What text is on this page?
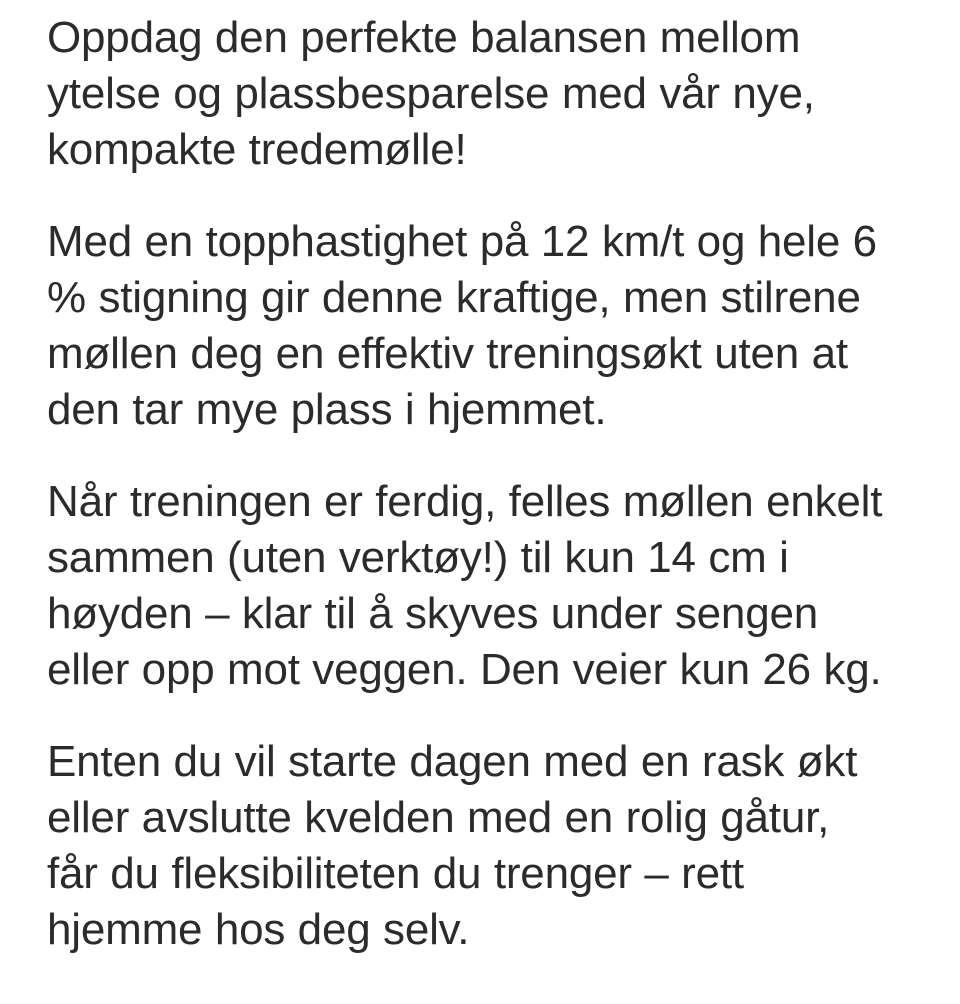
Oppdag den perfekte balansen mellom ytelse og plassbesparelse med vår nye, kompakte tredemølle!

Med en topphastighet på 12 km/t og hele 6 % stigning gir denne kraftige, men stilrene møllen deg en effektiv treningsøkt uten at den tar mye plass i hjemmet.

Når treningen er ferdig, felles møllen enkelt sammen (uten verktøy!) til kun 14 cm i høyden – klar til å skyves under sengen eller opp mot veggen. Den veier kun 26 kg.

Enten du vil starte dagen med en rask økt eller avslutte kvelden med en rolig gåtur, får du fleksibiliteten du trenger – rett hjemme hos deg selv.
